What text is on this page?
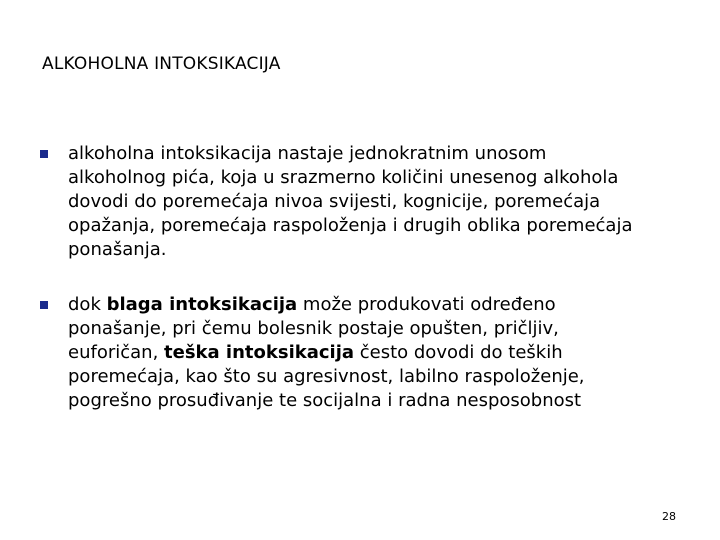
ALKOHOLNA INTOKSIKACIJA
alkoholna intoksikacija nastaje jednokratnim unosom
alkoholnog pića, koja u srazmerno količini unesenog alkohola
dovodi do poremećaja nivoa svijesti, kognicije, poremećaja
opažanja, poremećaja raspoloženja i drugih oblika poremećaja
ponašanja.
dok blaga intoksikacija može produkovati određeno
ponašanje, pri čemu bolesnik postaje opušten, pričljiv,
euforičan, teška intoksikacija često dovodi do teških
poremećaja, kao što su agresivnost, labilno raspoloženje,
pogrešno prosuđivanje te socijalna i radna nesposobnost
28
